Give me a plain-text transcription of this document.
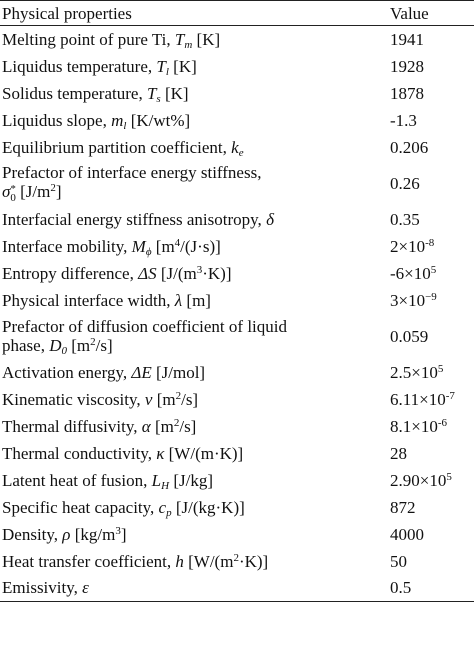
Physical properties	Value
Melting point of pure Ti, $T_m$ [K]	1941
Liquidus temperature, $T_l$ [K]	1928
Solidus temperature, $T_s$ [K]	1878
Liquidus slope, $m_l$ [K/wt%]	-1.3
Equilibrium partition coefficient, $k_e$	0.206
Prefactor of interface energy stiffness,
σ *
0 $[J/m^2]$	0.26
Interfacial energy stiffness anisotropy, δ	0.35
Interface mobility, $M_\phi$ $[m^4/(J\cdot s)]$	$2\times 10^{-8}$
Entropy difference, ΔS $[J/(m^3\cdot K)]$	$-6\times 10^5$
Physical interface width, λ [m]	$3\times 10^{-9}$
Prefactor of diffusion coefficient of liquid
phase, $D_0$ $[m^2/s]$	0.059
Activation energy, ΔE [J/mol]	$2.5\times 10^5$
Kinematic viscosity, ν $[m^2/s]$	$6.11\times 10^{-7}$
Thermal diffusivity, α $[m^2/s]$	$8.1\times 10^{-6}$
Thermal conductivity, κ [W/(m·K)]	28
Latent heat of fusion, $L_H$ [J/kg]	$2.90\times 10^5$
Specific heat capacity, $c_p$ [J/(kg·K)]	872
Density, ρ $[kg/m^3]$	4000
Heat transfer coefficient, h $[W/(m^2\cdot K)]$	50
Emissivity, ε	0.5
